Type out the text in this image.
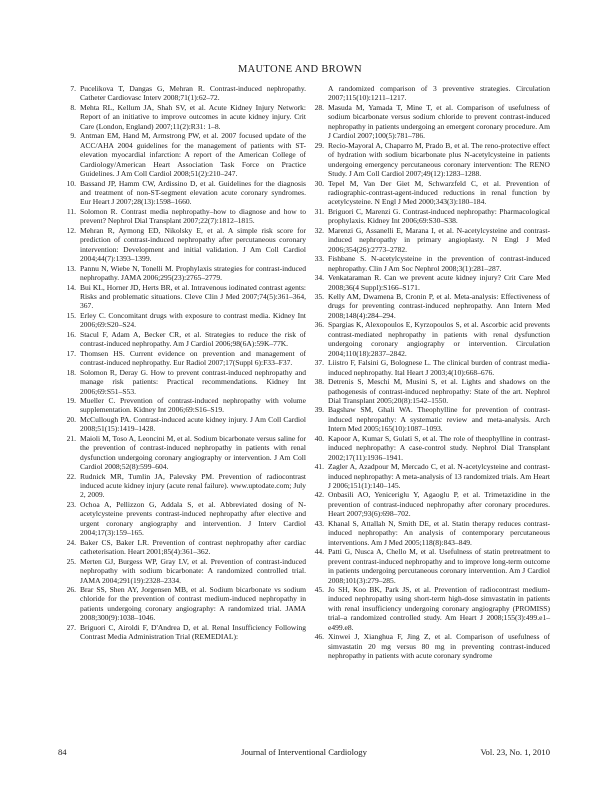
MAUTONE AND BROWN
7. Pucelikova T, Dangas G, Mehran R. Contrast-induced nephropathy. Catheter Cardiovasc Interv 2008;71(1):62–72.
8. Mehta RL, Kellum JA, Shah SV, et al. Acute Kidney Injury Network: Report of an initiative to improve outcomes in acute kidney injury. Crit Care (London, England) 2007;11(2):R31: 1–8.
9. Antman EM, Hand M, Armstrong PW, et al. 2007 focused update of the ACC/AHA 2004 guidelines for the management of patients with ST-elevation myocardial infarction: A report of the American College of Cardiology/American Heart Association Task Force on Practice Guidelines. J Am Coll Cardiol 2008;51(2):210–247.
10. Bassand JP, Hamm CW, Ardissino D, et al. Guidelines for the diagnosis and treatment of non-ST-segment elevation acute coronary syndromes. Eur Heart J 2007;28(13):1598–1660.
11. Solomon R. Contrast media nephropathy–how to diagnose and how to prevent? Nephrol Dial Transplant 2007;22(7):1812–1815.
12. Mehran R, Aymong ED, Nikolsky E, et al. A simple risk score for prediction of contrast-induced nephropathy after percutaneous coronary intervention: Development and initial validation. J Am Coll Cardiol 2004;44(7):1393–1399.
13. Pannu N, Wiebe N, Tonelli M. Prophylaxis strategies for contrast-induced nephropathy. JAMA 2006;295(23):2765–2779.
14. Bui KL, Horner JD, Herts BR, et al. Intravenous iodinated contrast agents: Risks and problematic situations. Cleve Clin J Med 2007;74(5):361–364, 367.
15. Erley C. Concomitant drugs with exposure to contrast media. Kidney Int 2006;69:S20–S24.
16. Stacul F, Adam A, Becker CR, et al. Strategies to reduce the risk of contrast-induced nephropathy. Am J Cardiol 2006;98(6A):59K–77K.
17. Thomsen HS. Current evidence on prevention and management of contrast-induced nephropathy. Eur Radiol 2007;17(Suppl 6):F33–F37.
18. Solomon R, Deray G. How to prevent contrast-induced nephropathy and manage risk patients: Practical recommendations. Kidney Int 2006;69:S51–S53.
19. Mueller C. Prevention of contrast-induced nephropathy with volume supplementation. Kidney Int 2006;69:S16–S19.
20. McCullough PA. Contrast-induced acute kidney injury. J Am Coll Cardiol 2008;51(15):1419–1428.
21. Maioli M, Toso A, Leoncini M, et al. Sodium bicarbonate versus saline for the prevention of contrast-induced nephropathy in patients with renal dysfunction undergoing coronary angiography or intervention. J Am Coll Cardiol 2008;52(8):599–604.
22. Rudnick MR, Tumlin JA, Palevsky PM. Prevention of radiocontrast induced acute kidney injury (acute renal failure). www.uptodate.com; July 2, 2009.
23. Ochoa A, Pellizzon G, Addala S, et al. Abbreviated dosing of N-acetylcysteine prevents contrast-induced nephropathy after elective and urgent coronary angiography and intervention. J Interv Cardiol 2004;17(3):159–165.
24. Baker CS, Baker LR. Prevention of contrast nephropathy after cardiac catheterisation. Heart 2001;85(4):361–362.
25. Merten GJ, Burgess WP, Gray LV, et al. Prevention of contrast-induced nephropathy with sodium bicarbonate: A randomized controlled trial. JAMA 2004;291(19):2328–2334.
26. Brar SS, Shen AY, Jorgensen MB, et al. Sodium bicarbonate vs sodium chloride for the prevention of contrast medium-induced nephropathy in patients undergoing coronary angiography: A randomized trial. JAMA 2008;300(9):1038–1046.
27. Briguori C, Airoldi F, D'Andrea D, et al. Renal Insufficiency Following Contrast Media Administration Trial (REMEDIAL):
A randomized comparison of 3 preventive strategies. Circulation 2007;115(10):1211–1217.
28. Masuda M, Yamada T, Mine T, et al. Comparison of usefulness of sodium bicarbonate versus sodium chloride to prevent contrast-induced nephropathy in patients undergoing an emergent coronary procedure. Am J Cardiol 2007;100(5):781–786.
29. Recio-Mayoral A, Chaparro M, Prado B, et al. The reno-protective effect of hydration with sodium bicarbonate plus N-acetylcysteine in patients undergoing emergency percutaneous coronary intervention: The RENO Study. J Am Coll Cardiol 2007;49(12):1283–1288.
30. Tepel M, Van Der Giet M, Schwarzfeld C, et al. Prevention of radiographic-contrast-agent-induced reductions in renal function by acetylcysteine. N Engl J Med 2000;343(3):180–184.
31. Briguori C, Marenzi G. Contrast-induced nephropathy: Pharmacological prophylaxis. Kidney Int 2006;69:S30–S38.
32. Marenzi G, Assanelli E, Marana I, et al. N-acetylcysteine and contrast-induced nephropathy in primary angioplasty. N Engl J Med 2006;354(26):2773–2782.
33. Fishbane S. N-acetylcysteine in the prevention of contrast-induced nephropathy. Clin J Am Soc Nephrol 2008;3(1):281–287.
34. Venkataraman R. Can we prevent acute kidney injury? Crit Care Med 2008;36(4 Suppl):S166–S171.
35. Kelly AM, Dwamena B, Cronin P, et al. Meta-analysis: Effectiveness of drugs for preventing contrast-induced nephropathy. Ann Intern Med 2008;148(4):284–294.
36. Spargias K, Alexopoulos E, Kyrzopoulos S, et al. Ascorbic acid prevents contrast-mediated nephropathy in patients with renal dysfunction undergoing coronary angiography or intervention. Circulation 2004;110(18):2837–2842.
37. Liistro F, Falsini G, Bolognese L. The clinical burden of contrast media-induced nephropathy. Ital Heart J 2003;4(10):668–676.
38. Detrenis S, Meschi M, Musini S, et al. Lights and shadows on the pathogenesis of contrast-induced nephropathy: State of the art. Nephrol Dial Transplant 2005;20(8):1542–1550.
39. Bagshaw SM, Ghali WA. Theophylline for prevention of contrast-induced nephropathy: A systematic review and meta-analysis. Arch Intern Med 2005;165(10):1087–1093.
40. Kapoor A, Kumar S, Gulati S, et al. The role of theophylline in contrast-induced nephropathy: A case-control study. Nephrol Dial Transplant 2002;17(11):1936–1941.
41. Zagler A, Azadpour M, Mercado C, et al. N-acetylcysteine and contrast-induced nephropathy: A meta-analysis of 13 randomized trials. Am Heart J 2006;151(1):140–145.
42. Onbasili AO, Yeniceriglu Y, Agaoglu P, et al. Trimetazidine in the prevention of contrast-induced nephropathy after coronary procedures. Heart 2007;93(6):698–702.
43. Khanal S, Attallah N, Smith DE, et al. Statin therapy reduces contrast-induced nephropathy: An analysis of contemporary percutaneous interventions. Am J Med 2005;118(8):843–849.
44. Patti G, Nusca A, Chello M, et al. Usefulness of statin pretreatment to prevent contrast-induced nephropathy and to improve long-term outcome in patients undergoing percutaneous coronary intervention. Am J Cardiol 2008;101(3):279–285.
45. Jo SH, Koo BK, Park JS, et al. Prevention of radiocontrast medium-induced nephropathy using short-term high-dose simvastatin in patients with renal insufficiency undergoing coronary angiography (PROMISS) trial–a randomized controlled study. Am Heart J 2008;155(3):499.e1–e499.e8.
46. Xinwei J, Xianghua F, Jing Z, et al. Comparison of usefulness of simvastatin 20 mg versus 80 mg in preventing contrast-induced nephropathy in patients with acute coronary syndrome
84	Journal of Interventional Cardiology	Vol. 23, No. 1, 2010
